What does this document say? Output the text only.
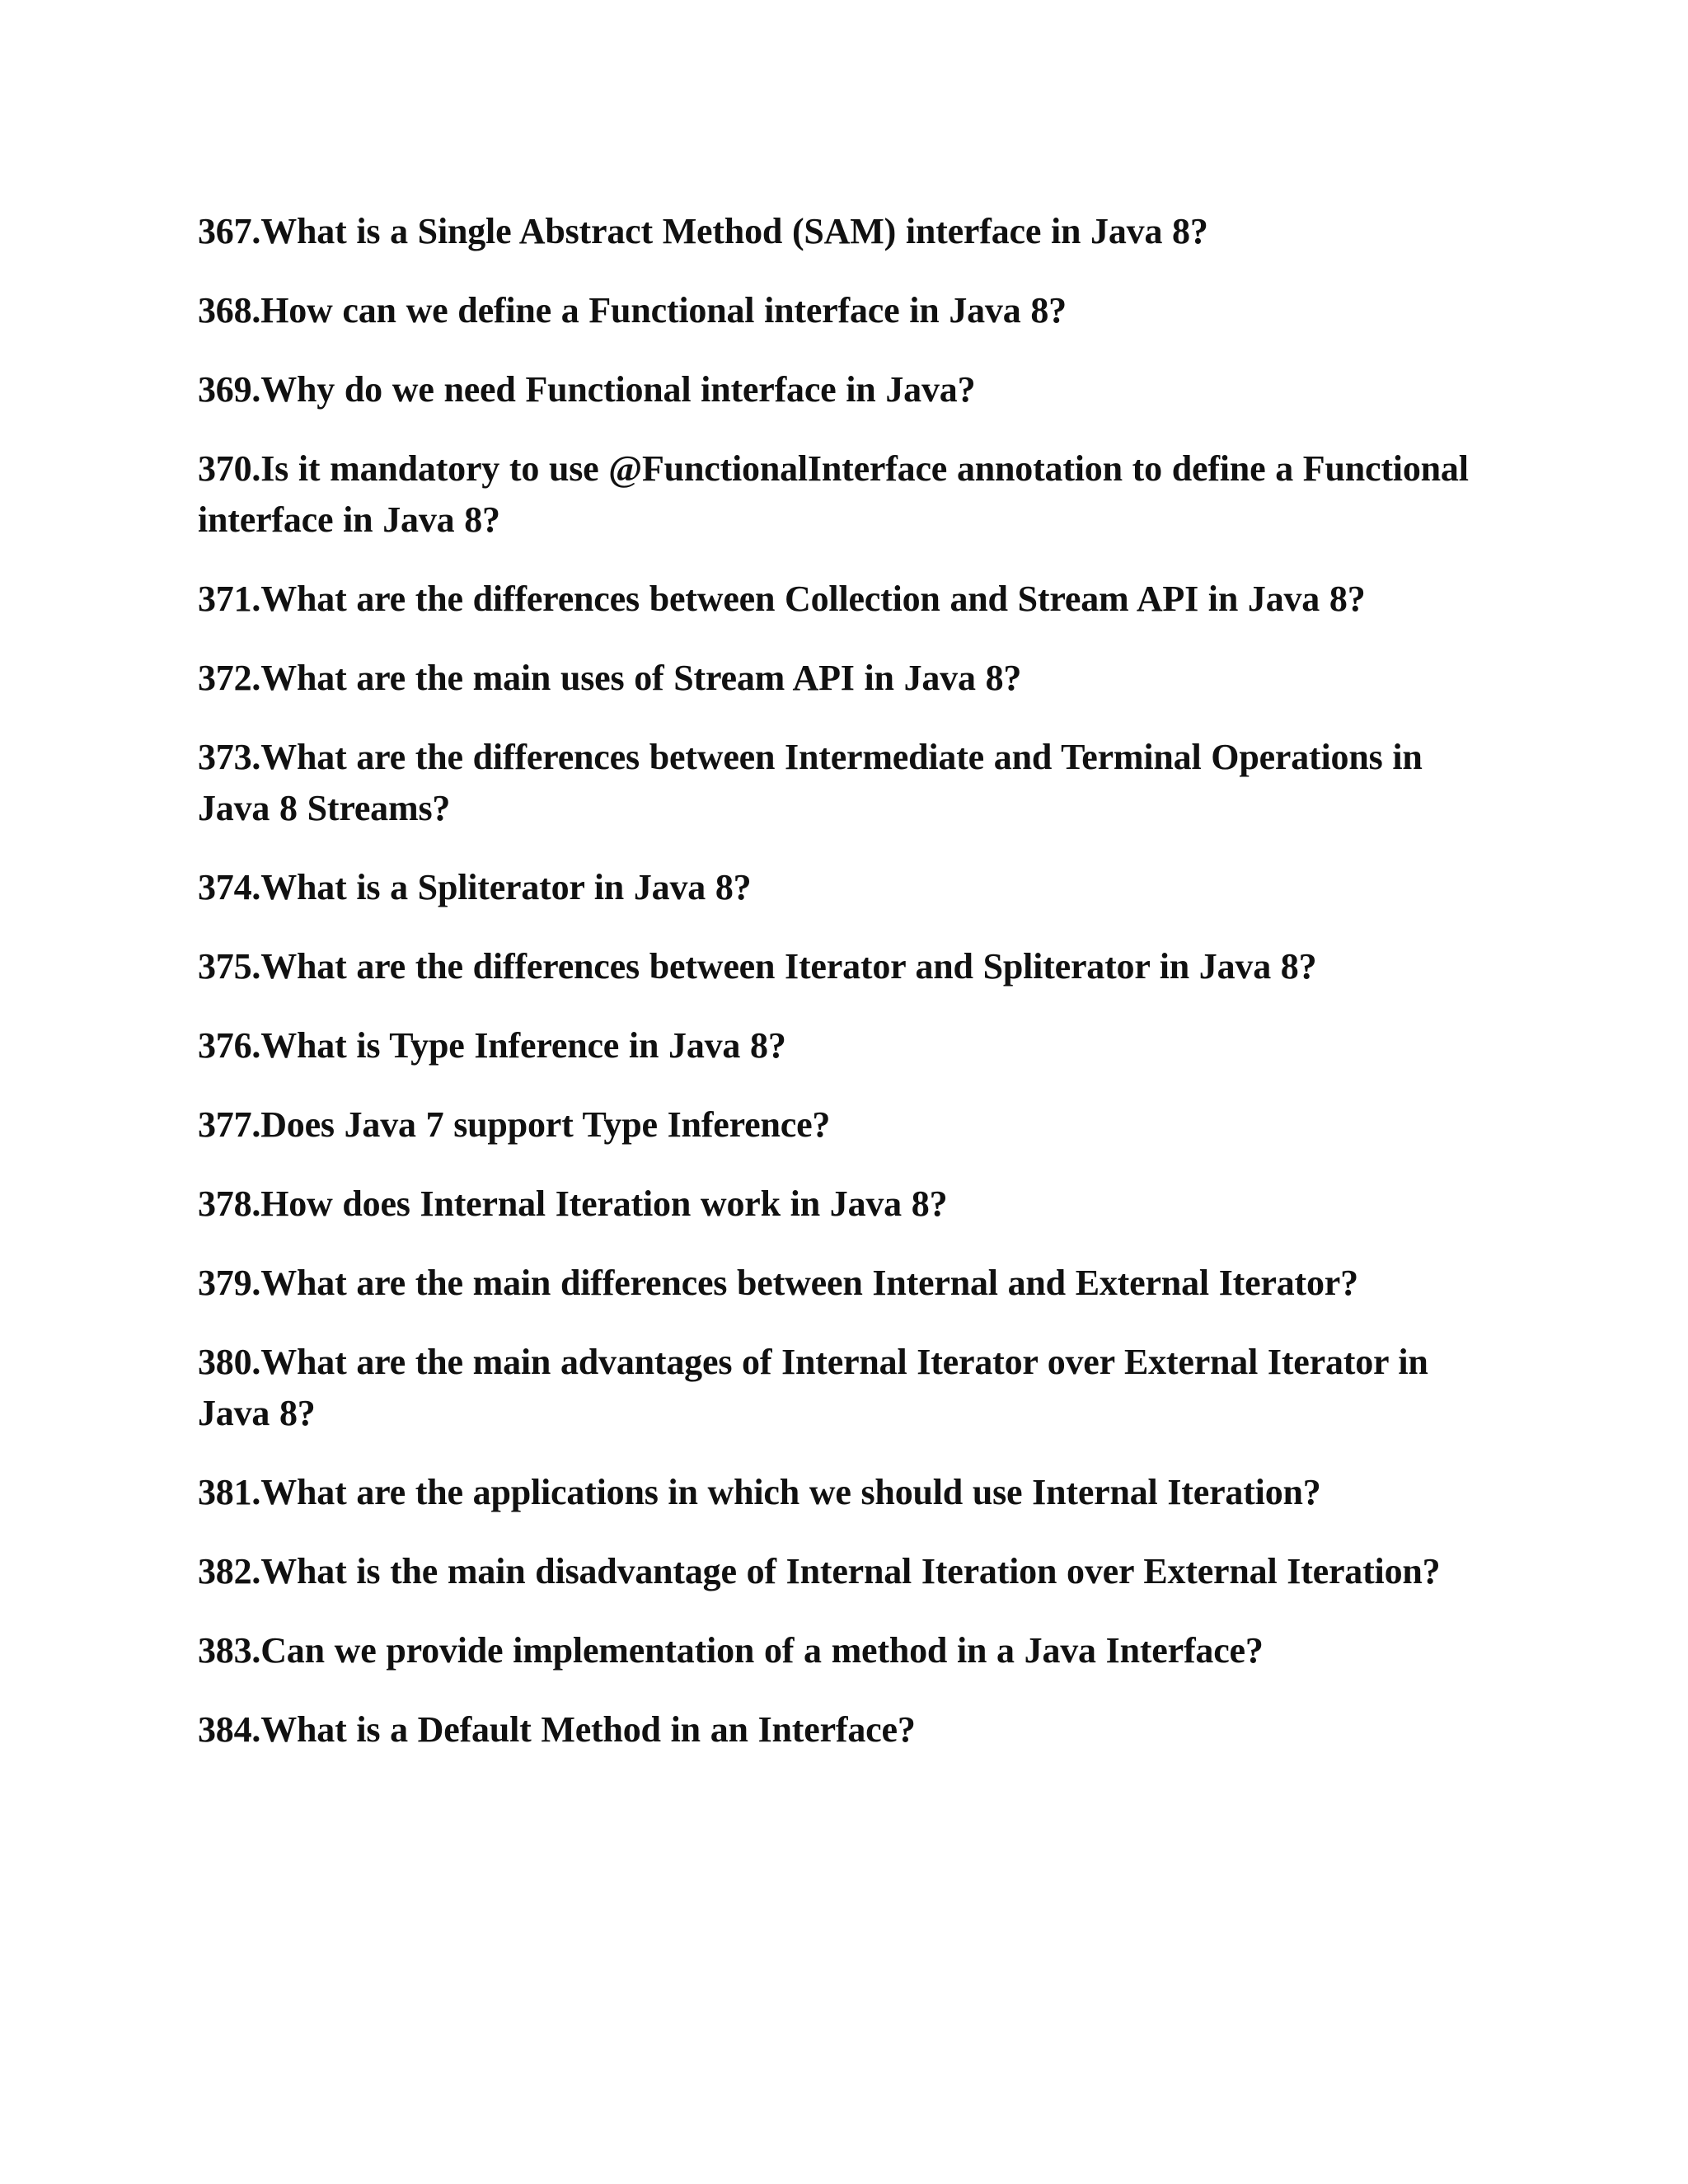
367.What is a Single Abstract Method (SAM) interface in Java 8?
368.How can we define a Functional interface in Java 8?
369.Why do we need Functional interface in Java?
370.Is it mandatory to use @FunctionalInterface annotation to define a Functional interface in Java 8?
371.What are the differences between Collection and Stream API in Java 8?
372.What are the main uses of Stream API in Java 8?
373.What are the differences between Intermediate and Terminal Operations in Java 8 Streams?
374.What is a Spliterator in Java 8?
375.What are the differences between Iterator and Spliterator in Java 8?
376.What is Type Inference in Java 8?
377.Does Java 7 support Type Inference?
378.How does Internal Iteration work in Java 8?
379.What are the main differences between Internal and External Iterator?
380.What are the main advantages of Internal Iterator over External Iterator in Java 8?
381.What are the applications in which we should use Internal Iteration?
382.What is the main disadvantage of Internal Iteration over External Iteration?
383.Can we provide implementation of a method in a Java Interface?
384.What is a Default Method in an Interface?
